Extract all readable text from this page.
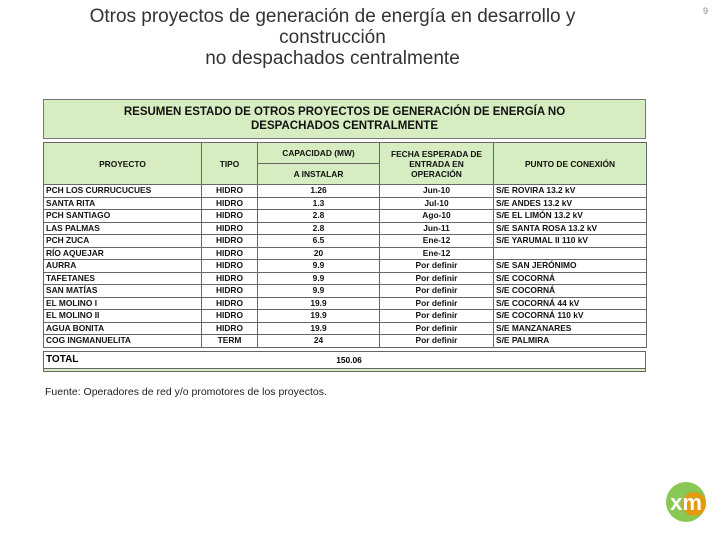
Otros proyectos de generación de energía en desarrollo y
construcción
no despachados centralmente
9
RESUMEN ESTADO DE OTROS PROYECTOS DE GENERACIÓN DE ENERGÍA NO
DESPACHADOS CENTRALMENTE
PROYECTO	TIPO	CAPACIDAD (MW)	FECHA ESPERADA DE
ENTRADA EN
OPERACIÓN	PUNTO DE CONEXIÓN
		A INSTALAR		
PCH LOS CURRUCUCUES	HIDRO	1.26	Jun-10	S/E ROVIRA 13.2 kV
SANTA RITA	HIDRO	1.3	Jul-10	S/E ANDES 13.2 kV
PCH SANTIAGO	HIDRO	2.8	Ago-10	S/E EL LIMÓN 13.2 kV
LAS PALMAS	HIDRO	2.8	Jun-11	S/E SANTA ROSA 13.2 kV
PCH ZUCA	HIDRO	6.5	Ene-12	S/E YARUMAL II 110 kV
RÍO AQUEJAR	HIDRO	20	Ene-12	
AURRA	HIDRO	9.9	Por definir	S/E SAN JERÓNIMO
TAFETANES	HIDRO	9.9	Por definir	S/E COCORNÁ
SAN MATÍAS	HIDRO	9.9	Por definir	S/E COCORNÁ
EL MOLINO I	HIDRO	19.9	Por definir	S/E COCORNÁ 44 kV
EL MOLINO II	HIDRO	19.9	Por definir	S/E COCORNÁ 110 kV
AGUA BONITA	HIDRO	19.9	Por definir	S/E MANZANARES
COG INGMANUELITA	TERM	24	Por definir	S/E PALMIRA
TOTAL	150.06
Fuente: Operadores de red y/o promotores de los proyectos.
xm
filial de isa
